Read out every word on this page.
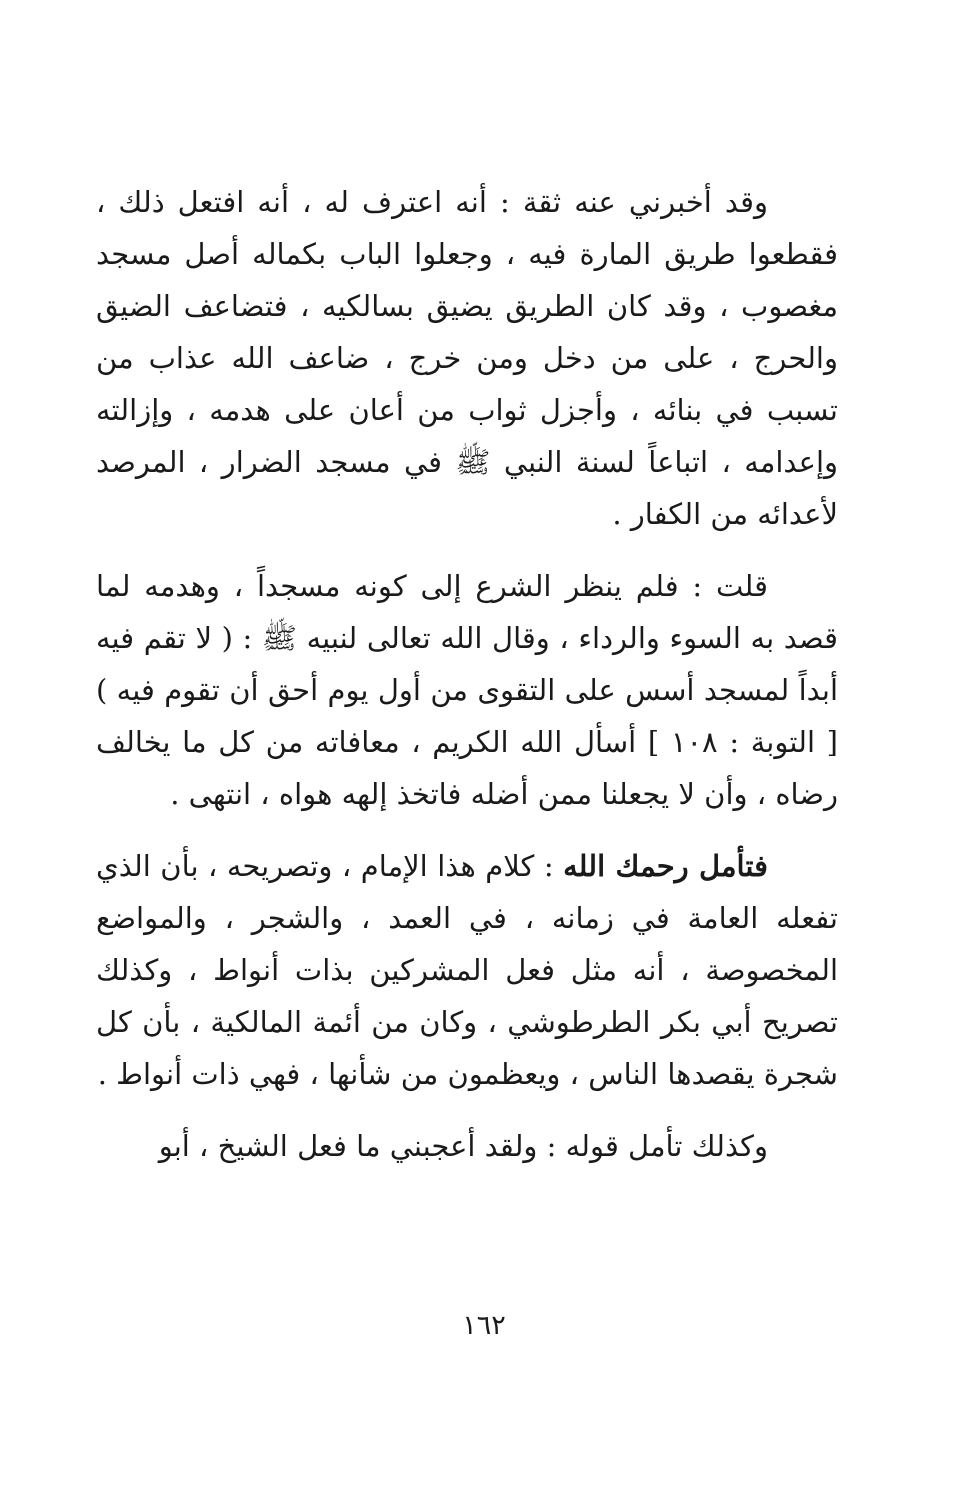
وقد أخبرني عنه ثقة : أنه اعترف له ، أنه افتعل ذلك ، فقطعوا طريق المارة فيه ، وجعلوا الباب بكماله أصل مسجد مغصوب ، وقد كان الطريق يضيق بسالكيه ، فتضاعف الضيق والحرج ، على من دخل ومن خرج ، ضاعف الله عذاب من تسبب في بنائه ، وأجزل ثواب من أعان على هدمه ، وإزالته وإعدامه ، اتباعاً لسنة النبي ﷺ في مسجد الضرار ، المرصد لأعدائه من الكفار .

قلت : فلم ينظر الشرع إلى كونه مسجداً ، وهدمه لما قصد به السوء والرداء ، وقال الله تعالى لنبيه ﷺ : ( لا تقم فيه أبداً لمسجد أسس على التقوى من أول يوم أحق أن تقوم فيه ) [ التوبة : ١٠٨ ] أسأل الله الكريم ، معافاته من كل ما يخالف رضاه ، وأن لا يجعلنا ممن أضله فاتخذ إلهه هواه ، انتهى .

فتأمل رحمك الله : كلام هذا الإمام ، وتصريحه ، بأن الذي تفعله العامة في زمانه ، في العمد ، والشجر ، والمواضع المخصوصة ، أنه مثل فعل المشركين بذات أنواط ، وكذلك تصريح أبي بكر الطرطوشي ، وكان من أئمة المالكية ، بأن كل شجرة يقصدها الناس ، ويعظمون من شأنها ، فهي ذات أنواط .

وكذلك تأمل قوله : ولقد أعجبني ما فعل الشيخ ، أبو

١٦٢
